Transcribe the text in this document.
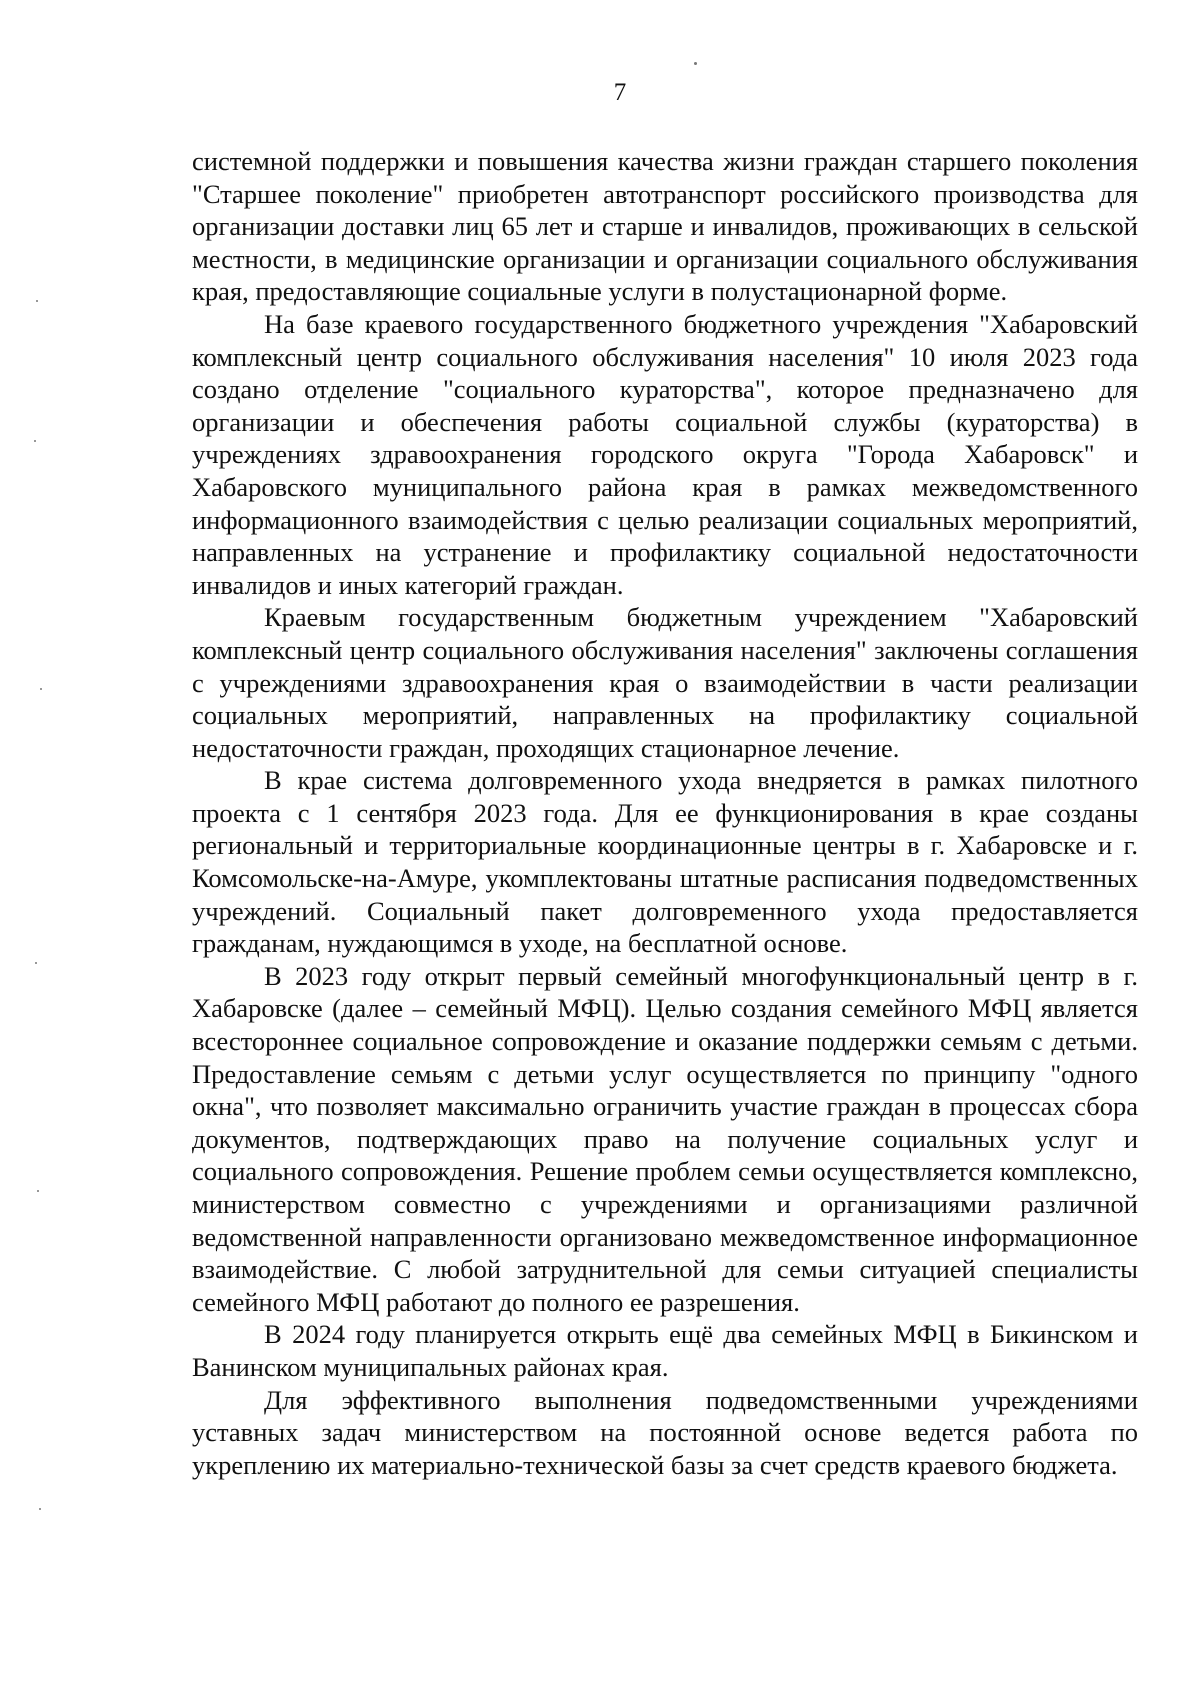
7

системной поддержки и повышения качества жизни граждан старшего поколения "Старшее поколение" приобретен автотранспорт российского производства для организации доставки лиц 65 лет и старше и инвалидов, проживающих в сельской местности, в медицинские организации и организации социального обслуживания края, предоставляющие социальные услуги в полустационарной форме.

На базе краевого государственного бюджетного учреждения "Хабаровский комплексный центр социального обслуживания населения" 10 июля 2023 года создано отделение "социального кураторства", которое предназначено для организации и обеспечения работы социальной службы (кураторства) в учреждениях здравоохранения городского округа "Города Хабаровск" и Хабаровского муниципального района края в рамках межведомственного информационного взаимодействия с целью реализации социальных мероприятий, направленных на устранение и профилактику социальной недостаточности инвалидов и иных категорий граждан.

Краевым государственным бюджетным учреждением "Хабаровский комплексный центр социального обслуживания населения" заключены соглашения с учреждениями здравоохранения края о взаимодействии в части реализации социальных мероприятий, направленных на профилактику социальной недостаточности граждан, проходящих стационарное лечение.

В крае система долговременного ухода внедряется в рамках пилотного проекта с 1 сентября 2023 года. Для ее функционирования в крае созданы региональный и территориальные координационные центры в г. Хабаровске и г. Комсомольске-на-Амуре, укомплектованы штатные расписания подведомственных учреждений. Социальный пакет долговременного ухода предоставляется гражданам, нуждающимся в уходе, на бесплатной основе.

В 2023 году открыт первый семейный многофункциональный центр в г. Хабаровске (далее – семейный МФЦ). Целью создания семейного МФЦ является всестороннее социальное сопровождение и оказание поддержки семьям с детьми. Предоставление семьям с детьми услуг осуществляется по принципу "одного окна", что позволяет максимально ограничить участие граждан в процессах сбора документов, подтверждающих право на получение социальных услуг и социального сопровождения. Решение проблем семьи осуществляется комплексно, министерством совместно с учреждениями и организациями различной ведомственной направленности организовано межведомственное информационное взаимодействие. С любой затруднительной для семьи ситуацией специалисты семейного МФЦ работают до полного ее разрешения.

В 2024 году планируется открыть ещё два семейных МФЦ в Бикинском и Ванинском муниципальных районах края.

Для эффективного выполнения подведомственными учреждениями уставных задач министерством на постоянной основе ведется работа по укреплению их материально-технической базы за счет средств краевого бюджета.
